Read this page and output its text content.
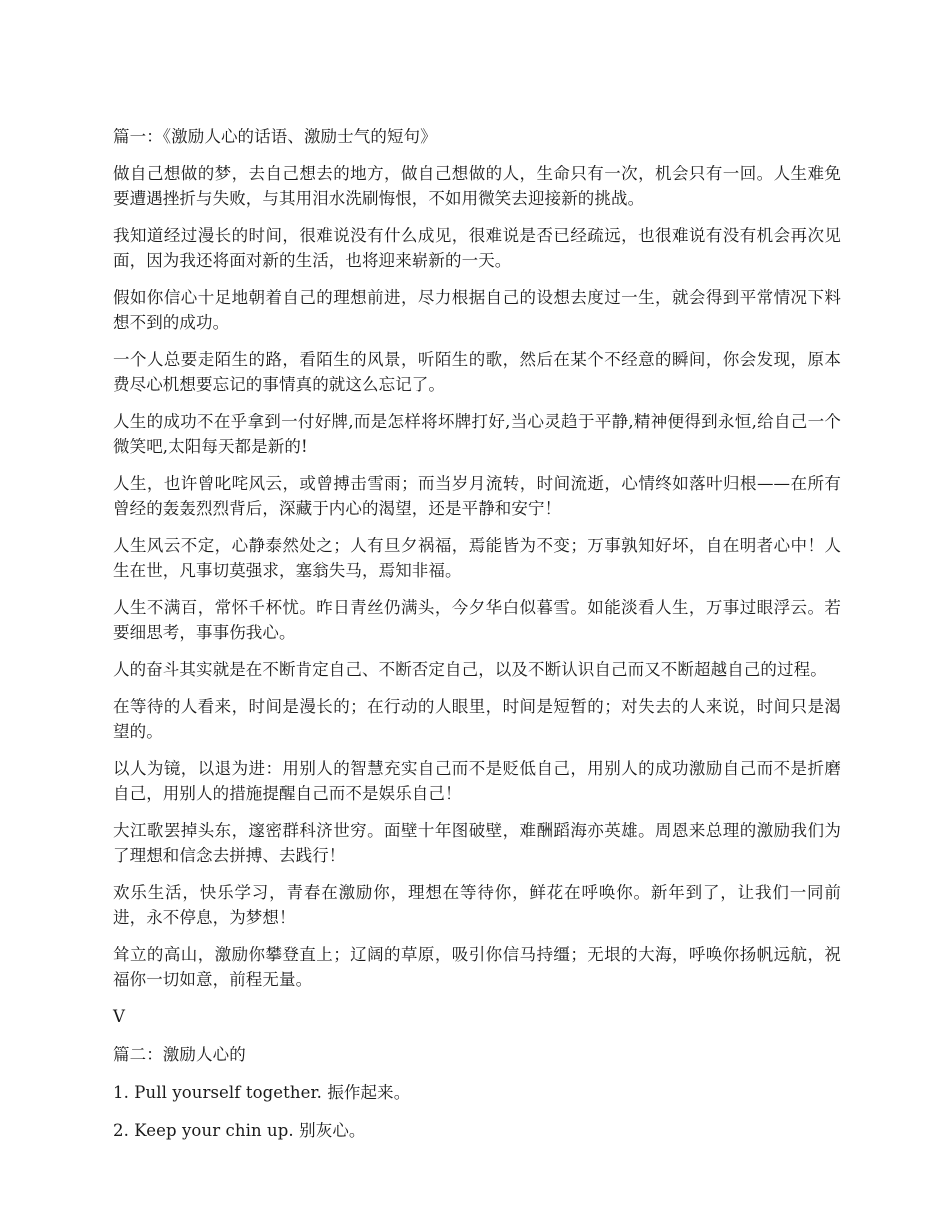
篇一：《激励人心的话语、激励士气的短句》

做自己想做的梦，去自己想去的地方，做自己想做的人，生命只有一次，机会只有一回。人生难免要遭遇挫折与失败，与其用泪水洗刷悔恨，不如用微笑去迎接新的挑战。

我知道经过漫长的时间，很难说没有什么成见，很难说是否已经疏远，也很难说有没有机会再次见面，因为我还将面对新的生活，也将迎来崭新的一天。

假如你信心十足地朝着自己的理想前进，尽力根据自己的设想去度过一生，就会得到平常情况下料想不到的成功。

一个人总要走陌生的路，看陌生的风景，听陌生的歌，然后在某个不经意的瞬间，你会发现，原本费尽心机想要忘记的事情真的就这么忘记了。

人生的成功不在乎拿到一付好牌,而是怎样将坏牌打好,当心灵趋于平静,精神便得到永恒,给自己一个微笑吧,太阳每天都是新的!

人生，也许曾叱咤风云，或曾搏击雪雨；而当岁月流转，时间流逝，心情终如落叶归根——在所有曾经的轰轰烈烈背后，深藏于内心的渴望，还是平静和安宁！

人生风云不定，心静泰然处之；人有旦夕祸福，焉能皆为不变；万事孰知好坏，自在明者心中！人生在世，凡事切莫强求，塞翁失马，焉知非福。

人生不满百，常怀千杯忧。昨日青丝仍满头，今夕华白似暮雪。如能淡看人生，万事过眼浮云。若要细思考，事事伤我心。

人的奋斗其实就是在不断肯定自己、不断否定自己，以及不断认识自己而又不断超越自己的过程。

在等待的人看来，时间是漫长的；在行动的人眼里，时间是短暂的；对失去的人来说，时间只是渴望的。

以人为镜，以退为进：用别人的智慧充实自己而不是贬低自己，用别人的成功激励自己而不是折磨自己，用别人的措施提醒自己而不是娱乐自己！

大江歌罢掉头东，邃密群科济世穷。面壁十年图破壁，难酬蹈海亦英雄。周恩来总理的激励我们为了理想和信念去拼搏、去践行！

欢乐生活，快乐学习，青春在激励你，理想在等待你，鲜花在呼唤你。新年到了，让我们一同前进，永不停息，为梦想！

耸立的高山，激励你攀登直上；辽阔的草原，吸引你信马持缰；无垠的大海，呼唤你扬帆远航，祝福你一切如意，前程无量。

V

篇二：激励人心的

1. Pull yourself together. 振作起来。

2. Keep your chin up. 别灰心。
